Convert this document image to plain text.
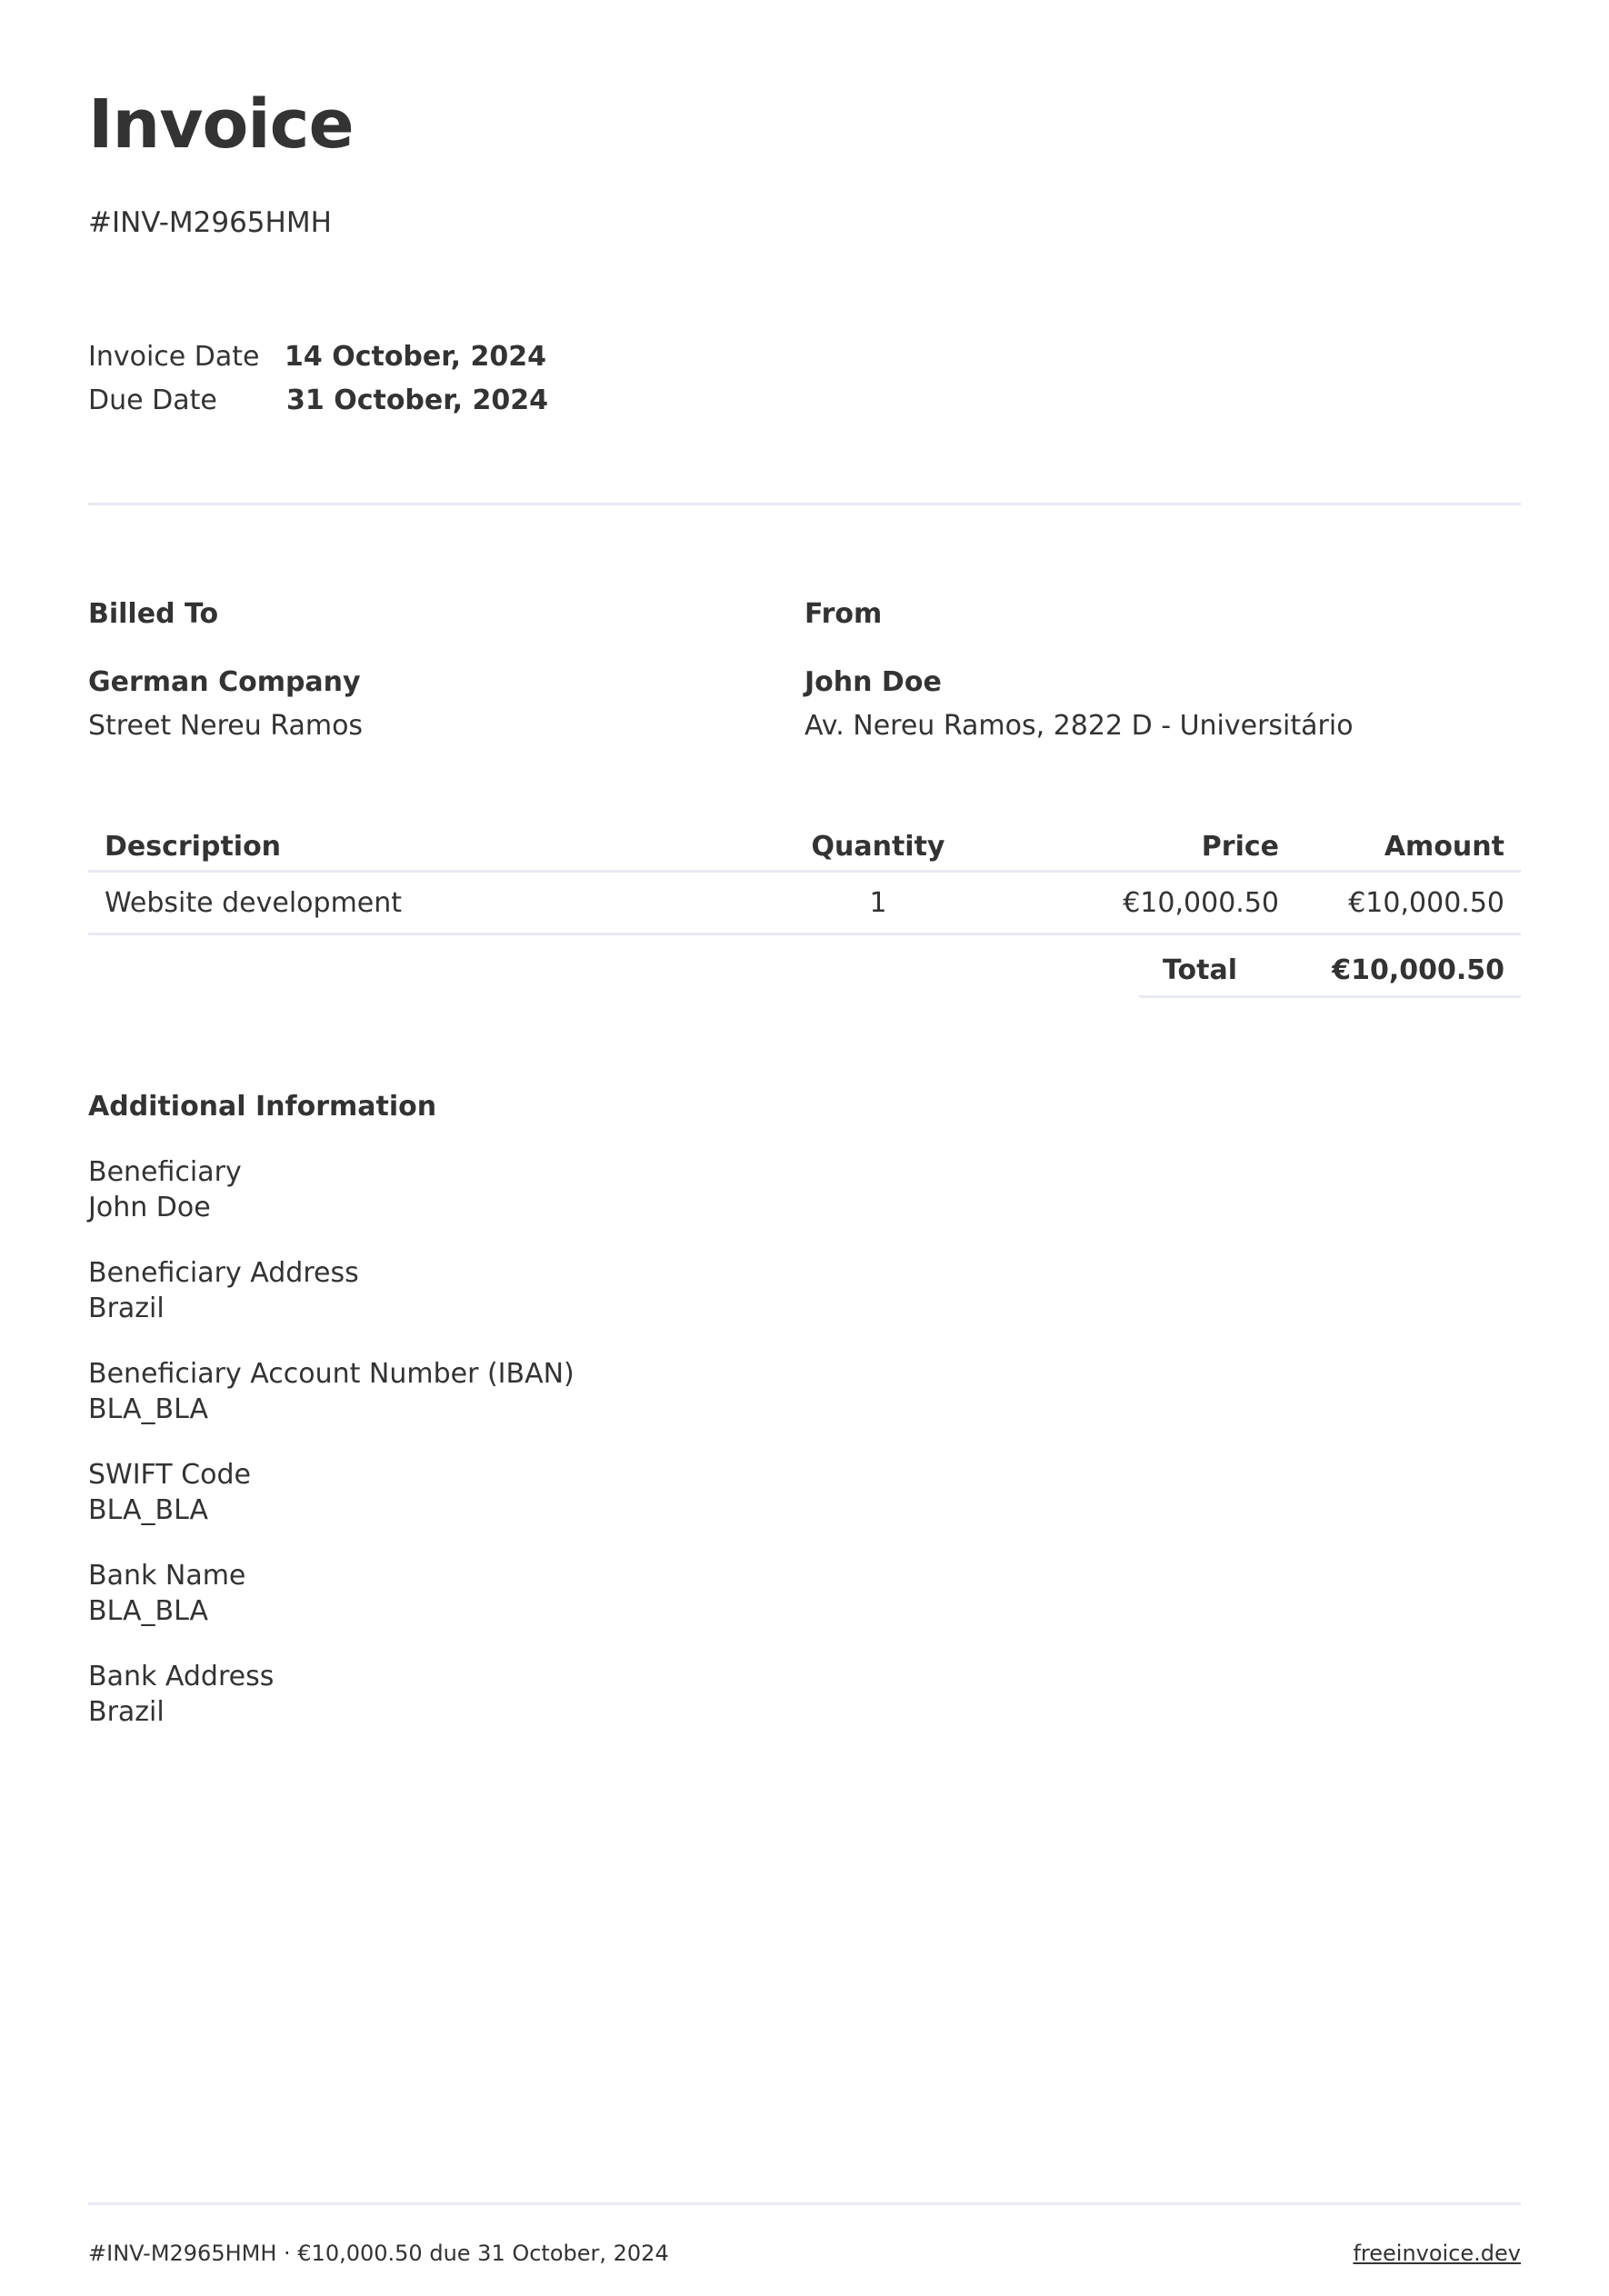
Invoice
#INV-M2965HMH
Invoice Date 14 October, 2024
Due Date	31 October, 2024
Billed To
German Company
Street Nereu Ramos
From
John Doe
Av. Nereu Ramos, 2822 D - Universitário
Description	Quantity	Price	Amount
Website development	1	€10,000.50	€10,000.50
Total	€10,000.50
Additional Information
Beneficiary
John Doe
Beneficiary Address
Brazil
Beneficiary Account Number (IBAN)
BLA_BLA
SWIFT Code
BLA_BLA
Bank Name
BLA_BLA
Bank Address
Brazil
#INV-M2965HMH · €10,000.50 due 31 October, 2024	freeinvoice.dev
